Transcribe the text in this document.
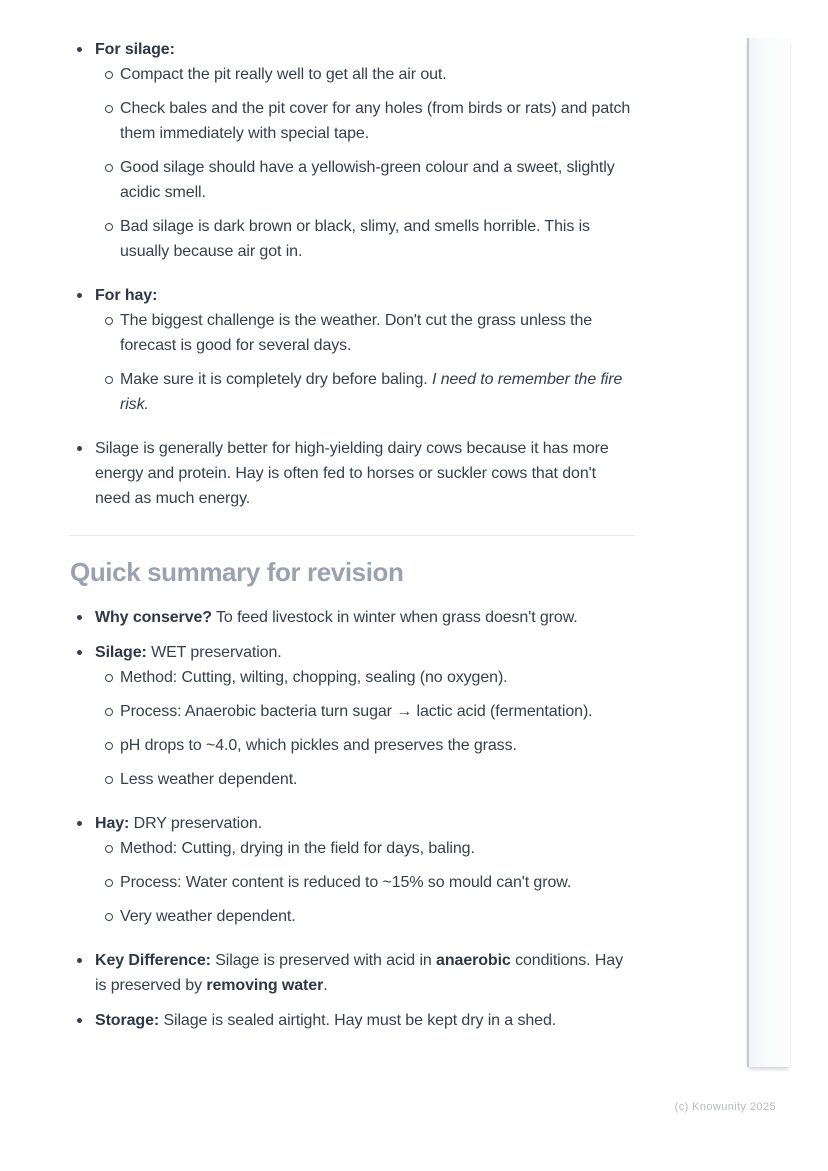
For silage:
Compact the pit really well to get all the air out.
Check bales and the pit cover for any holes (from birds or rats) and patch them immediately with special tape.
Good silage should have a yellowish-green colour and a sweet, slightly acidic smell.
Bad silage is dark brown or black, slimy, and smells horrible. This is usually because air got in.
For hay:
The biggest challenge is the weather. Don't cut the grass unless the forecast is good for several days.
Make sure it is completely dry before baling. I need to remember the fire risk.
Silage is generally better for high-yielding dairy cows because it has more energy and protein. Hay is often fed to horses or suckler cows that don't need as much energy.
Quick summary for revision
Why conserve? To feed livestock in winter when grass doesn't grow.
Silage: WET preservation.
Method: Cutting, wilting, chopping, sealing (no oxygen).
Process: Anaerobic bacteria turn sugar → lactic acid (fermentation).
pH drops to ~4.0, which pickles and preserves the grass.
Less weather dependent.
Hay: DRY preservation.
Method: Cutting, drying in the field for days, baling.
Process: Water content is reduced to ~15% so mould can't grow.
Very weather dependent.
Key Difference: Silage is preserved with acid in anaerobic conditions. Hay is preserved by removing water.
Storage: Silage is sealed airtight. Hay must be kept dry in a shed.
(c) Knowunity 2025
